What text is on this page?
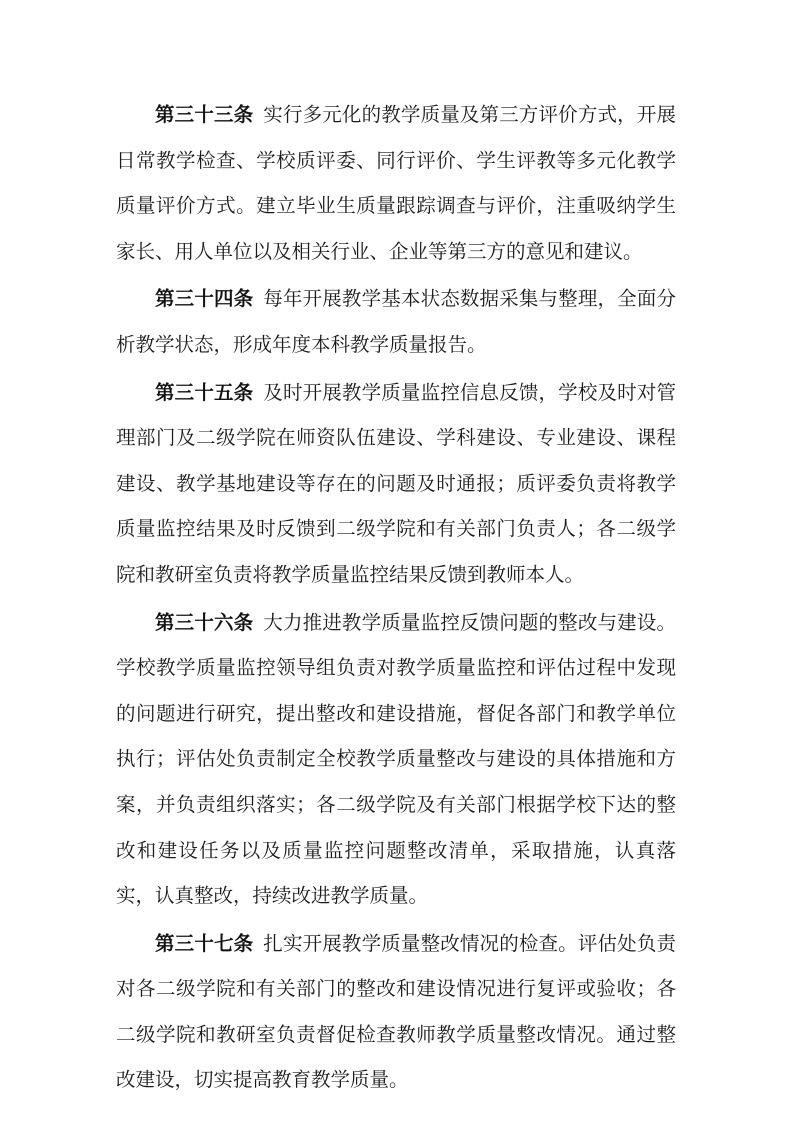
第三十三条 实行多元化的教学质量及第三方评价方式，开展日常教学检查、学校质评委、同行评价、学生评教等多元化教学质量评价方式。建立毕业生质量跟踪调查与评价，注重吸纳学生家长、用人单位以及相关行业、企业等第三方的意见和建议。

第三十四条 每年开展教学基本状态数据采集与整理，全面分析教学状态，形成年度本科教学质量报告。

第三十五条 及时开展教学质量监控信息反馈，学校及时对管理部门及二级学院在师资队伍建设、学科建设、专业建设、课程建设、教学基地建设等存在的问题及时通报；质评委负责将教学质量监控结果及时反馈到二级学院和有关部门负责人；各二级学院和教研室负责将教学质量监控结果反馈到教师本人。

第三十六条 大力推进教学质量监控反馈问题的整改与建设。学校教学质量监控领导组负责对教学质量监控和评估过程中发现的问题进行研究，提出整改和建设措施，督促各部门和教学单位执行；评估处负责制定全校教学质量整改与建设的具体措施和方案，并负责组织落实；各二级学院及有关部门根据学校下达的整改和建设任务以及质量监控问题整改清单，采取措施，认真落实，认真整改，持续改进教学质量。

第三十七条 扎实开展教学质量整改情况的检查。评估处负责对各二级学院和有关部门的整改和建设情况进行复评或验收；各二级学院和教研室负责督促检查教师教学质量整改情况。通过整改建设，切实提高教育教学质量。
